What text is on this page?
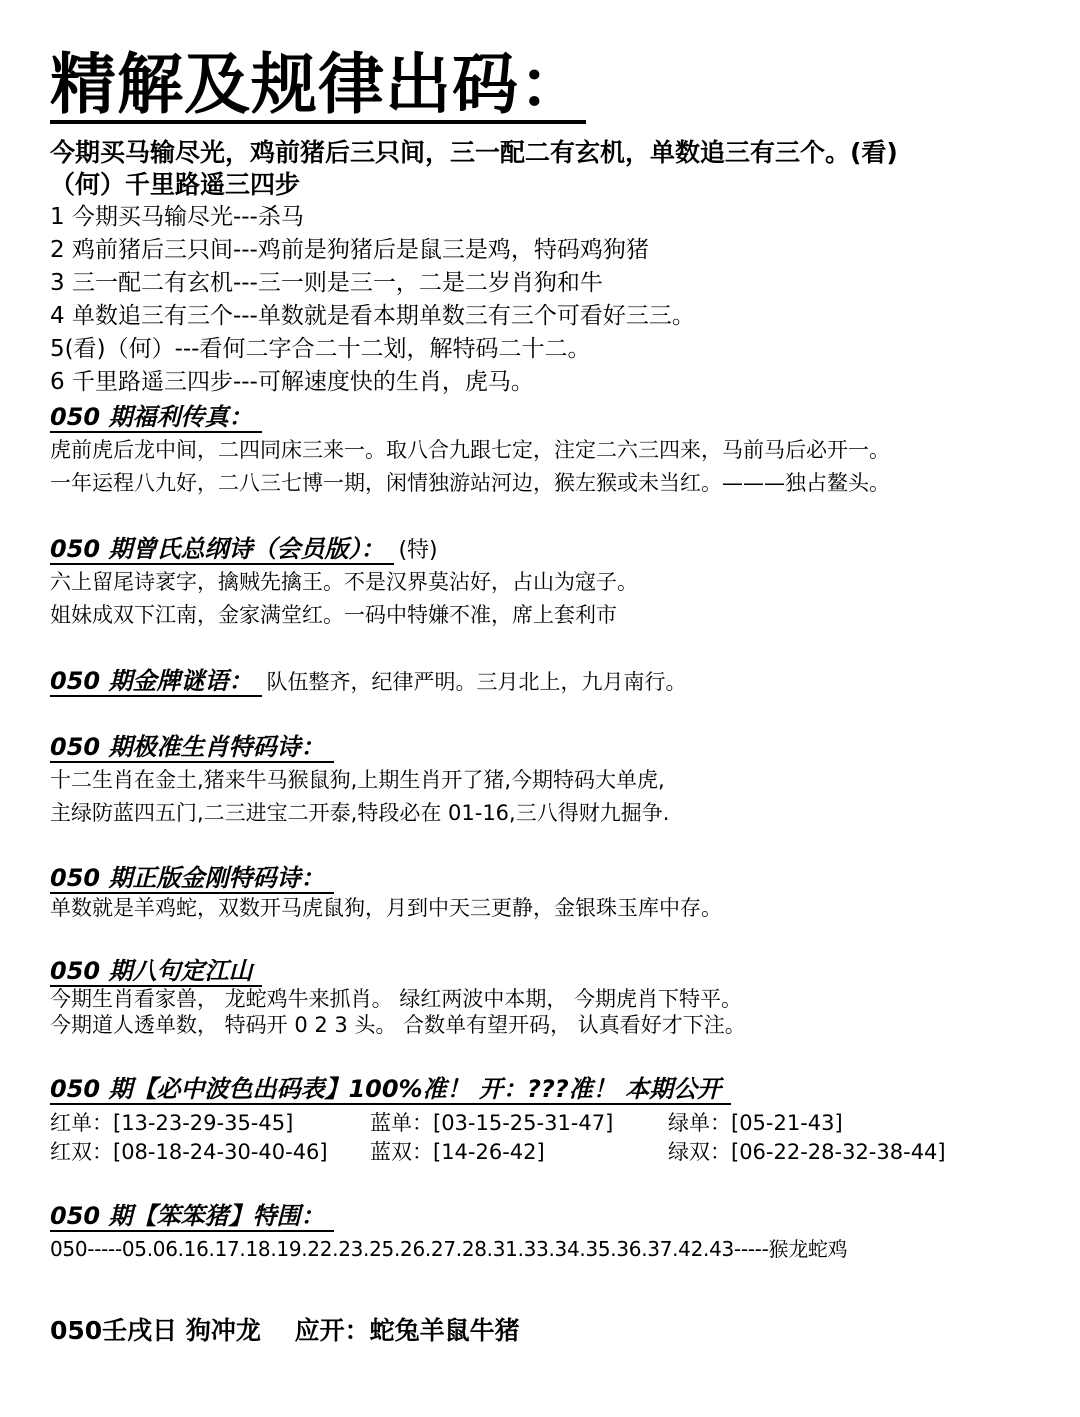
精解及规律出码：
今期买马输尽光，鸡前猪后三只间，三一配二有玄机，单数追三有三个。(看)
（何）千里路遥三四步
1 今期买马输尽光---杀马
2 鸡前猪后三只间---鸡前是狗猪后是鼠三是鸡，特码鸡狗猪
3 三一配二有玄机---三一则是三一，二是二岁肖狗和牛
4 单数追三有三个---单数就是看本期单数三有三个可看好三三。
5(看)（何）---看何二字合二十二划，解特码二十二。
6 千里路遥三四步---可解速度快的生肖，虎马。
050 期福利传真：
虎前虎后龙中间，二四同床三来一。取八合九跟七定，注定二六三四来，马前马后必开一。
一年运程八九好，二八三七博一期，闲情独游站河边，猴左猴或未当红。———独占鳌头。
050 期曾氏总纲诗（会员版）： (特)
六上留尾诗衺字，擒贼先擒王。不是汉界莫沾好，占山为寇子。
姐妹成双下江南，金家满堂红。一码中特嫌不准，席上套利市
050 期金牌谜语： 队伍整齐，纪律严明。三月北上，九月南行。
050 期极准生肖特码诗：
十二生肖在金土,猪来牛马猴鼠狗,上期生肖开了猪,今期特码大单虎,
主绿防蓝四五门,二三进宝二开泰,特段必在 01-16,三八得财九掘争.
050 期正版金刚特码诗：
单数就是羊鸡蛇，双数开马虎鼠狗，月到中天三更静，金银珠玉库中存。
050 期八句定江山
今期生肖看家兽， 龙蛇鸡牛来抓肖。 绿红两波中本期， 今期虎肖下特平。
今期道人透单数， 特码开 0 2 3 头。 合数单有望开码， 认真看好才下注。
050 期【必中波色出码表】100%准！ 开：???准！ 本期公开
红单：[13-23-29-35-45]	蓝单：[03-15-25-31-47]	绿单：[05-21-43]
红双：[08-18-24-30-40-46] 蓝双：[14-26-42]	绿双：[06-22-28-32-38-44]
050 期【笨笨猪】特围：
050-----05.06.16.17.18.19.22.23.25.26.27.28.31.33.34.35.36.37.42.43-----猴龙蛇鸡
050壬戌日 狗冲龙　 应开：蛇兔羊鼠牛猪
